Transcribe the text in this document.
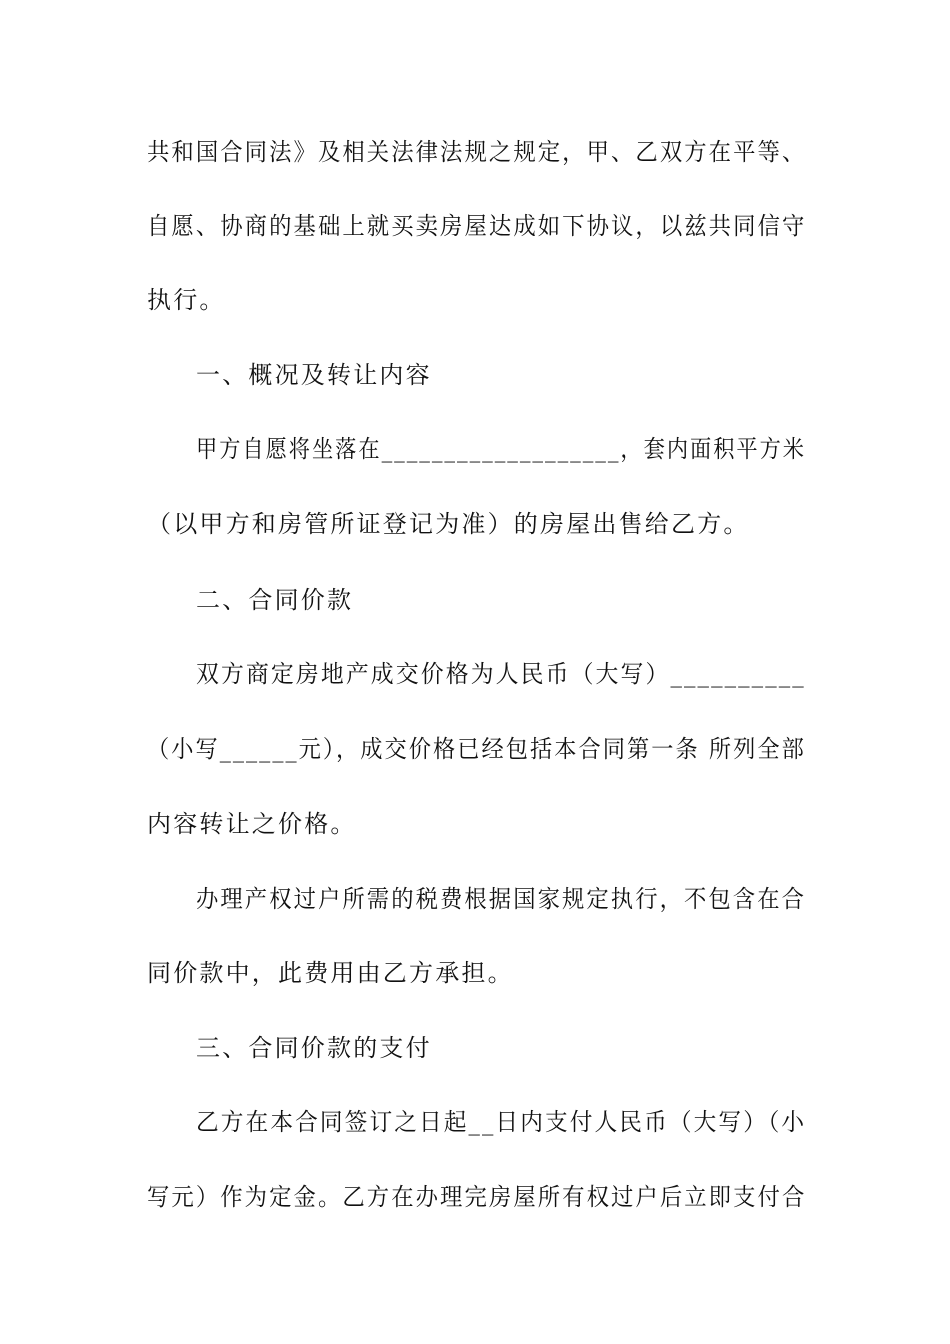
共和国合同法》及相关法律法规之规定，甲、乙双方在平等、
自愿、协商的基础上就买卖房屋达成如下协议，以兹共同信守
执行。
一、概况及转让内容
甲方自愿将坐落在___________________，套内面积平方米
（以甲方和房管所证登记为准）的房屋出售给乙方。
二、合同价款
双方商定房地产成交价格为人民币（大写）__________
（小写______元），成交价格已经包括本合同第一条 所列全部
内容转让之价格。
办理产权过户所需的税费根据国家规定执行，不包含在合
同价款中，此费用由乙方承担。
三、合同价款的支付
乙方在本合同签订之日起__日内支付人民币（大写）（小
写元）作为定金。乙方在办理完房屋所有权过户后立即支付合
